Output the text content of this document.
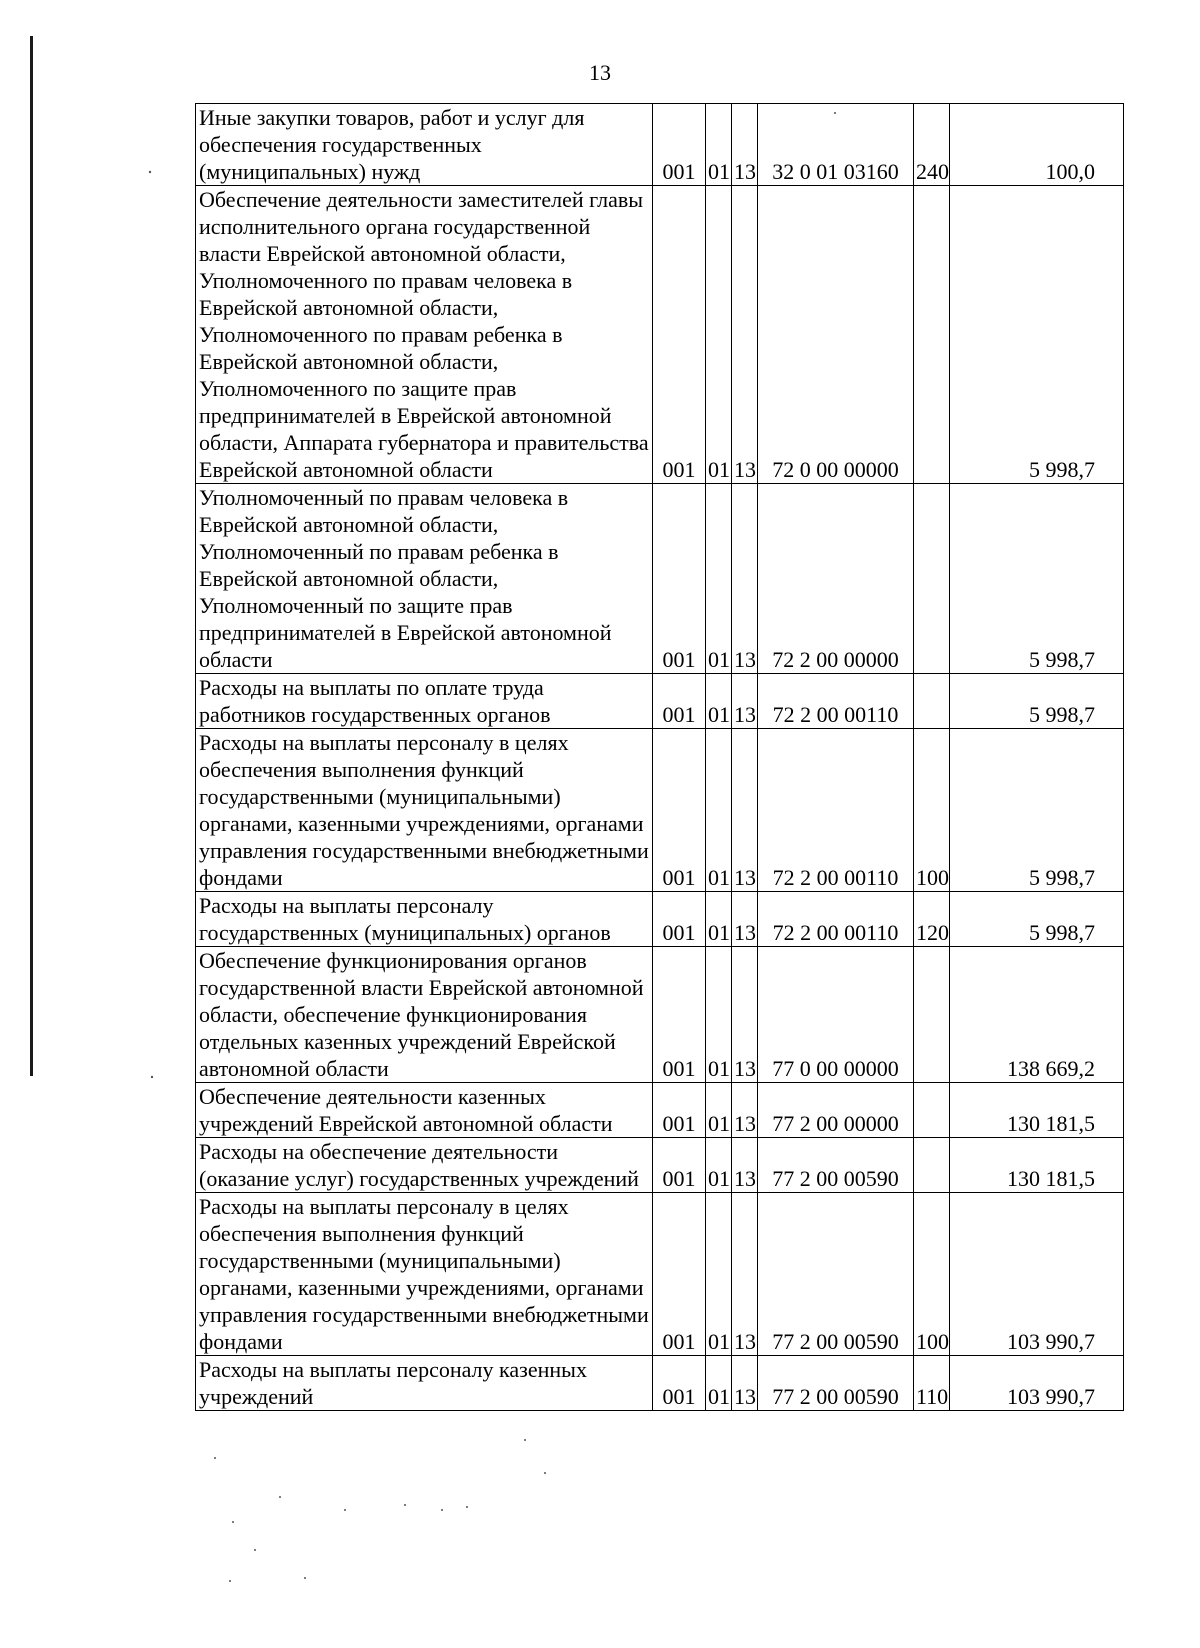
13
Иные закупки товаров, работ и услуг для обеспечения государственных (муниципальных) нужд	001	01	13	32 0 01 03160	240	100,0
Обеспечение деятельности заместителей главы исполнительного органа государственной власти Еврейской автономной области, Уполномоченного по правам человека в Еврейской автономной области, Уполномоченного по правам ребенка в Еврейской автономной области, Уполномоченного по защите прав предпринимателей в Еврейской автономной области, Аппарата губернатора и правительства Еврейской автономной области	001	01	13	72 0 00 00000		5 998,7
Уполномоченный по правам человека в Еврейской автономной области, Уполномоченный по правам ребенка в Еврейской автономной области, Уполномоченный по защите прав предпринимателей в Еврейской автономной области	001	01	13	72 2 00 00000		5 998,7
Расходы на выплаты по оплате труда работников государственных органов	001	01	13	72 2 00 00110		5 998,7
Расходы на выплаты персоналу в целях обеспечения выполнения функций государственными (муниципальными) органами, казенными учреждениями, органами управления государственными внебюджетными фондами	001	01	13	72 2 00 00110	100	5 998,7
Расходы на выплаты персоналу государственных (муниципальных) органов	001	01	13	72 2 00 00110	120	5 998,7
Обеспечение функционирования органов государственной власти Еврейской автономной области, обеспечение функционирования отдельных казенных учреждений Еврейской автономной области	001	01	13	77 0 00 00000		138 669,2
Обеспечение деятельности казенных учреждений Еврейской автономной области	001	01	13	77 2 00 00000		130 181,5
Расходы на обеспечение деятельности (оказание услуг) государственных учреждений	001	01	13	77 2 00 00590		130 181,5
Расходы на выплаты персоналу в целях обеспечения выполнения функций государственными (муниципальными) органами, казенными учреждениями, органами управления государственными внебюджетными фондами	001	01	13	77 2 00 00590	100	103 990,7
Расходы на выплаты персоналу казенных учреждений	001	01	13	77 2 00 00590	110	103 990,7
